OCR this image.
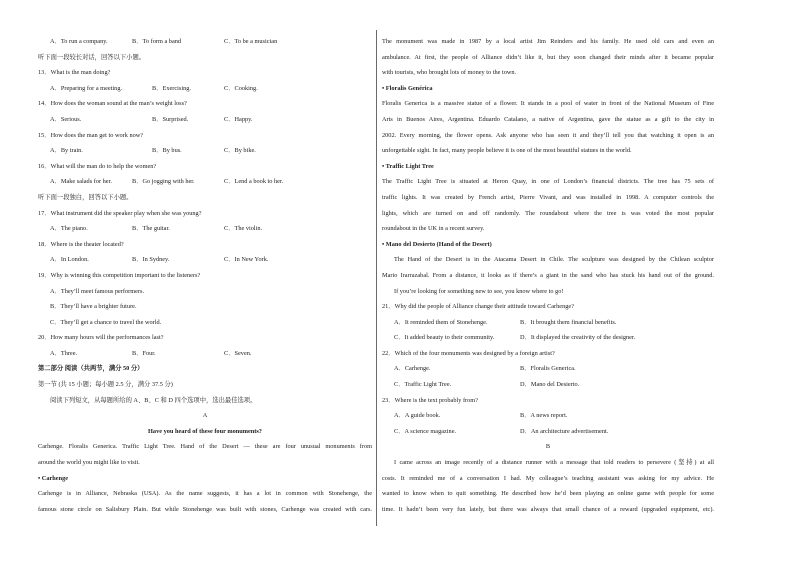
A．To run a company.	B．To form a band	C．To be a musician
听下面一段较长对话，回答以下小题。
13．What is the man doing?
A．Preparing for a meeting.	B．Exercising.	C．Cooking.
14．How does the woman sound at the man’s weight loss?
A．Serious.	B．Surprised.	C．Happy.
15．How does the man get to work now?
A．By train.	B．By bus.	C．By bike.
16．What will the man do to help the women?
A．Make salads for her.	B．Go jogging with her.	C．Lend a book to her.
听下面一段独白，回答以下小题。
17．What instrument did the speaker play when she was young?
A．The piano.	B．The guitar.	C．The violin.
18．Where is the theater located?
A．In London.	B．In Sydney.	C．In New York.
19．Why is winning this competition important to the listeners?
A．They’ll meet famous performers.
B．They’ll have a brighter future.
C．They’ll get a chance to travel the world.
20．How many hours will the performances last?
A．Three.	B．Four.	C．Seven.
第二部分 阅读（共两节，满分 50 分）
第一节 (共 15 小题；每小题 2.5 分，满分 37.5 分)
阅读下列短文，从每题所给的 A、B、C 和 D 四个选项中，选出最佳选项。
A
Have you heard of these four monuments?
Carhenge. Floralis Generica. Traffic Light Tree. Hand of the Desert — these are four unusual monuments from
around the world you might like to visit.
• Carhenge
Carhenge is in Alliance, Nebraska (USA). As the name suggests, it has a lot in common with Stonehenge, the
famous stone circle on Salisbury Plain. But while Stonehenge was built with stones, Carhenge was created with cars.
The monument was made in 1987 by a local artist Jim Reinders and his family. He used old cars and even an
ambulance. At first, the people of Alliance didn’t like it, but they soon changed their minds after it became popular
with tourists, who brought lots of money to the town.
• Floralis Genérica
Floralis Generica is a massive statue of a flower. It stands in a pool of water in front of the National Museum of Fine
Arts in Buenos Aires, Argentina. Eduardo Catalano, a native of Argentina, gave the statue as a gift to the city in
2002. Every morning, the flower opens. Ask anyone who has seen it and they’ll tell you that watching it open is an
unforgettable sight. In fact, many people believe it is one of the most beautiful statues in the world.
• Traffic Light Tree
The Traffic Light Tree is situated at Heron Quay, in one of London’s financial districts. The tree has 75 sets of
traffic lights. It was created by French artist, Pierre Vivant, and was installed in 1998. A computer controls the
lights, which are turned on and off randomly. The roundabout where the tree is was voted the most popular
roundabout in the UK in a recent survey.
• Mano del Desierto (Hand of the Desert)
The Hand of the Desert is in the Atacama Desert in Chile. The sculpture was designed by the Chilean sculptor
Mario Irarrazabal. From a distance, it looks as if there’s a giant in the sand who has stuck his hand out of the ground.
If you’re looking for something new to see, you know where to go!
21．Why did the people of Alliance change their attitude toward Carhenge?
A．It reminded them of Stonehenge.	B．It brought them financial benefits.
C．It added beauty to their community.	D．It displayed the creativity of the designer.
22．Which of the four monuments was designed by a foreign artist?
A．Carhenge.	B．Floralis Generica.
C．Traffic Light Tree.	D．Mano del Desierto.
23．Where is the text probably from?
A．A guide book.	B．A news report.
C．A science magazine.	D．An architecture advertisement.
B
I came across an image recently of a distance runner with a message that told readers to persevere (坚持) at all
costs. It reminded me of a conversation I had. My colleague’s teaching assistant was asking for my advice. He
wanted to know when to quit something. He described how he’d been playing an online game with people for some
time. It hadn’t been very fun lately, but there was always that small chance of a reward (upgraded equipment, etc).
